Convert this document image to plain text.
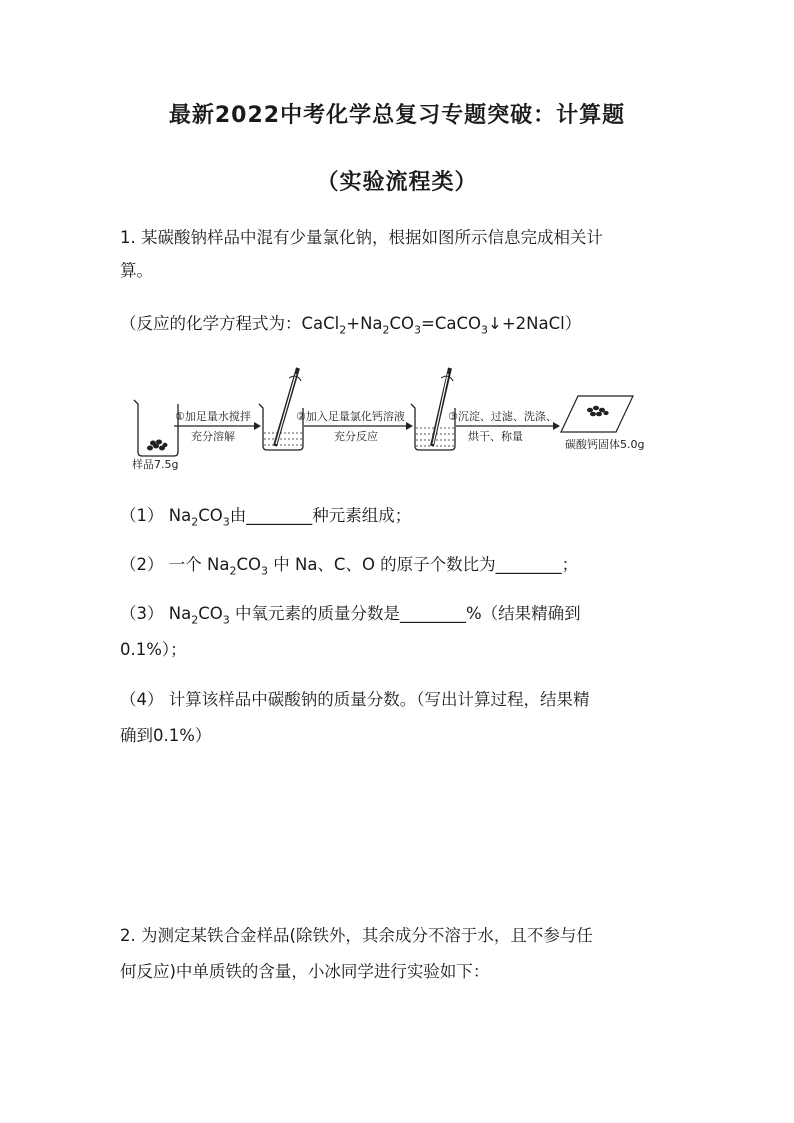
最新2022中考化学总复习专题突破：计算题
（实验流程类）
1. 某碳酸钠样品中混有少量氯化钠，根据如图所示信息完成相关计
算。
（反应的化学方程式为：$CaCl_2+Na_2CO_3=CaCO_3↓+2NaCl$）
样品7.5g
①加足量水搅拌
充分溶解
②加入足量氯化钙溶液
充分反应
③沉淀、过滤、洗涤、
烘干、称量
碳酸钙固体5.0g
（1） $Na_2CO_3$由________种元素组成；
（2） 一个 $Na_2CO_3$ 中 Na、C、O 的原子个数比为________；
（3） $Na_2CO_3$ 中氧元素的质量分数是________%（结果精确到
0.1%）；
（4） 计算该样品中碳酸钠的质量分数。（写出计算过程，结果精
确到0.1%）
2. 为测定某铁合金样品(除铁外，其余成分不溶于水，且不参与任
何反应)中单质铁的含量，小冰同学进行实验如下：
